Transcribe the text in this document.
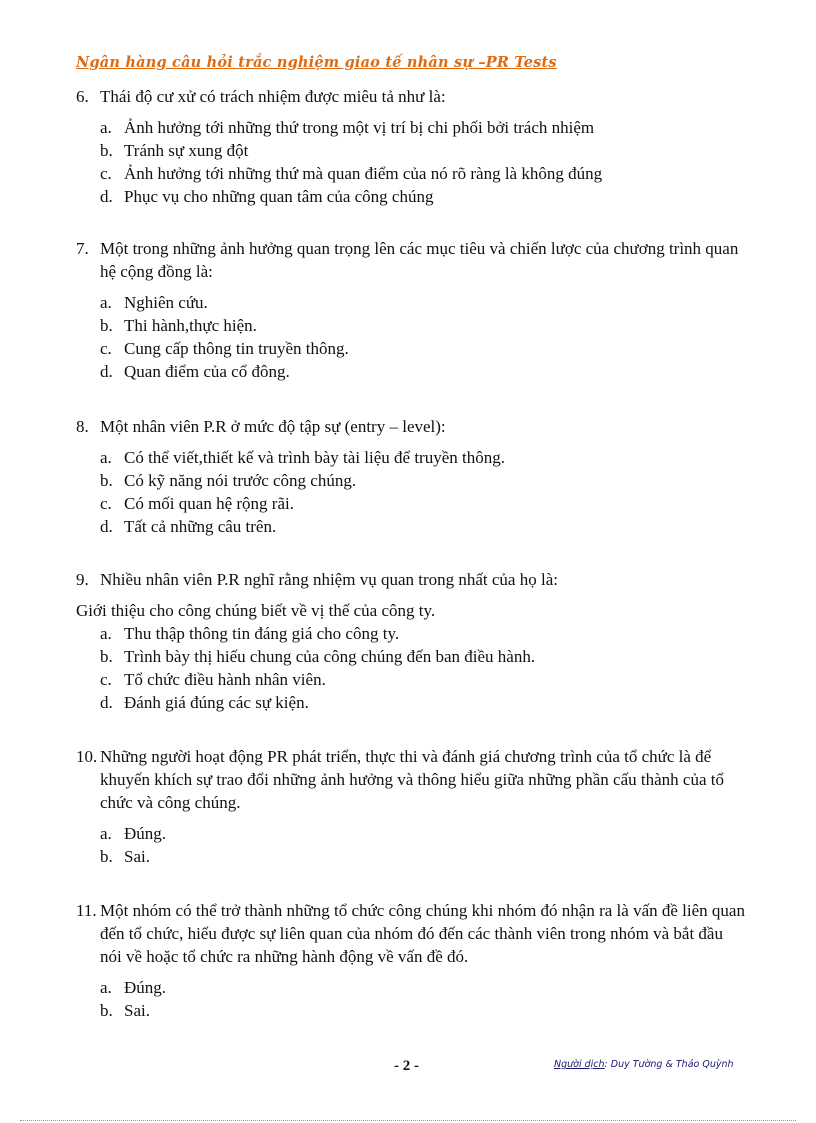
Ngân hàng câu hỏi trắc nghiệm giao tế nhân sự –PR Tests
6. Thái độ cư xử có trách nhiệm được miêu tả như là:
a. Ảnh hưởng tới những thứ trong một vị trí bị chi phối bởi trách nhiệm
b. Tránh sự xung đột
c. Ảnh hưởng tới những thứ mà quan điểm của nó rõ ràng là không đúng
d. Phục vụ cho những quan tâm của công chúng
7. Một trong những ảnh hưởng quan trọng lên các mục tiêu và chiến lược của chương trình quan hệ cộng đồng là:
a. Nghiên cứu.
b. Thi hành,thực hiện.
c. Cung cấp thông tin truyền thông.
d. Quan điểm của cổ đông.
8. Một nhân viên P.R ở mức độ tập sự (entry – level):
a. Có thể viết,thiết kế và trình bày tài liệu để truyền thông.
b. Có kỹ năng nói trước công chúng.
c. Có mối quan hệ rộng rãi.
d. Tất cả những câu trên.
9. Nhiều nhân viên P.R nghĩ rằng nhiệm vụ quan trong nhất của họ là:
Giới thiệu cho công chúng biết về vị thế của công ty.
a. Thu thập thông tin đáng giá cho công ty.
b. Trình bày thị hiếu chung của công chúng đến ban điều hành.
c. Tổ chức điều hành nhân viên.
d. Đánh giá đúng các sự kiện.
10. Những người hoạt động PR phát triển, thực thi và đánh giá chương trình của tổ chức là để khuyến khích sự trao đổi những ảnh hưởng và thông hiểu giữa những phần cấu thành của tổ chức và công chúng.
a. Đúng.
b. Sai.
11. Một nhóm có thể trở thành những tổ chức công chúng khi nhóm đó nhận ra là vấn đề liên quan đến tổ chức, hiểu được sự liên quan của nhóm đó đến các thành viên trong nhóm và bắt đầu nói về hoặc tổ chức ra những hành động về vấn đề đó.
a. Đúng.
b. Sai.
- 2 -	Người dịch: Duy Tường & Thảo Quỳnh
